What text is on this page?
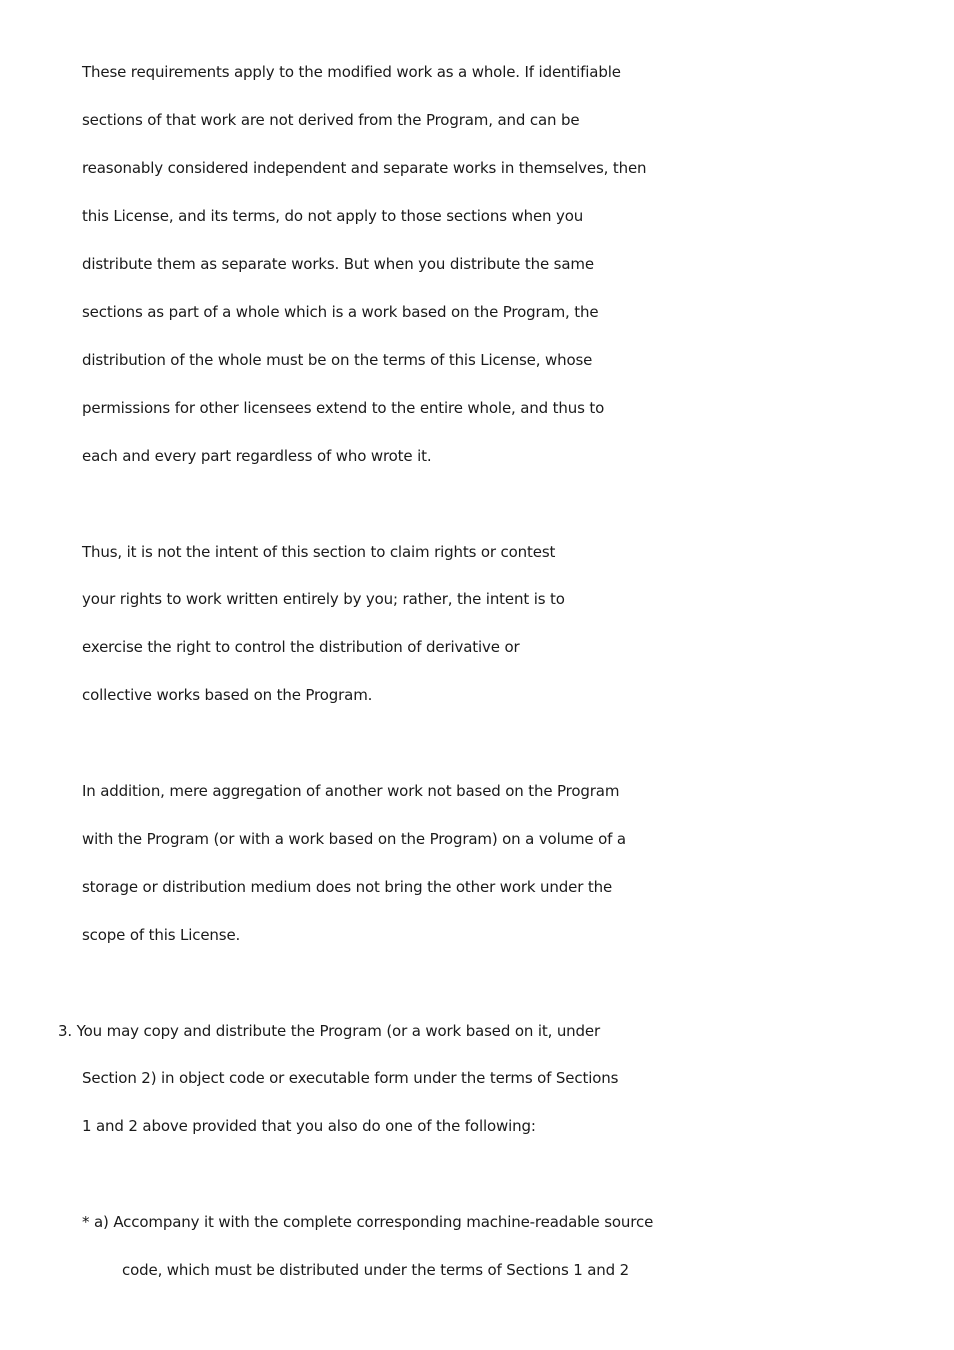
These requirements apply to the modified work as a whole. If identifiable
sections of that work are not derived from the Program, and can be
reasonably considered independent and separate works in themselves, then
this License, and its terms, do not apply to those sections when you
distribute them as separate works. But when you distribute the same
sections as part of a whole which is a work based on the Program, the
distribution of the whole must be on the terms of this License, whose
permissions for other licensees extend to the entire whole, and thus to
each and every part regardless of who wrote it.
Thus, it is not the intent of this section to claim rights or contest
your rights to work written entirely by you; rather, the intent is to
exercise the right to control the distribution of derivative or
collective works based on the Program.
In addition, mere aggregation of another work not based on the Program
with the Program (or with a work based on the Program) on a volume of a
storage or distribution medium does not bring the other work under the
scope of this License.
3. You may copy and distribute the Program (or a work based on it, under
Section 2) in object code or executable form under the terms of Sections
1 and 2 above provided that you also do one of the following:
* a) Accompany it with the complete corresponding machine-readable source
code, which must be distributed under the terms of Sections 1 and 2
